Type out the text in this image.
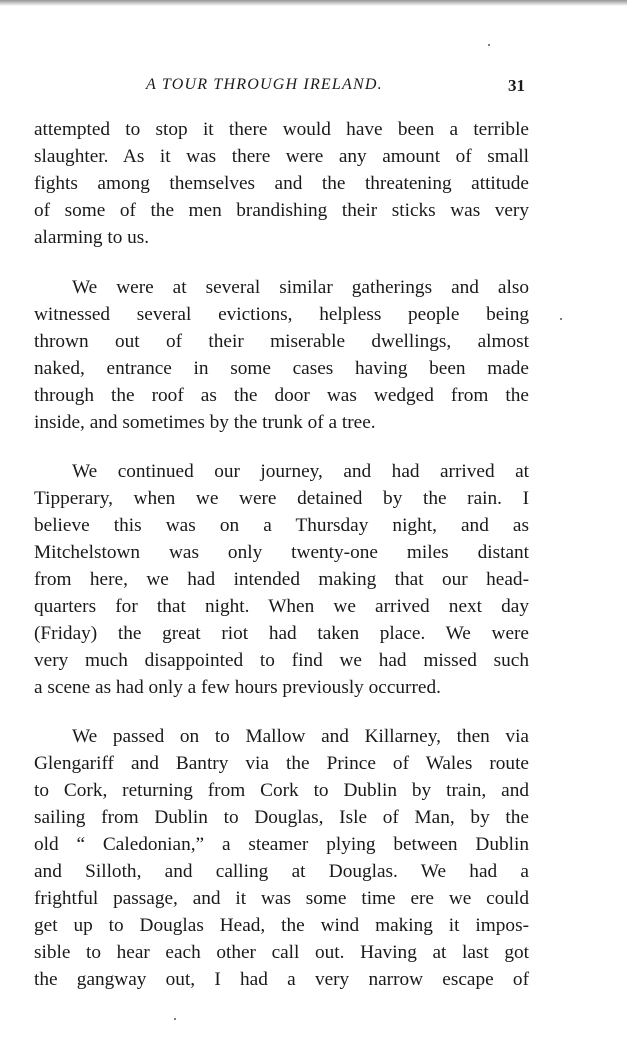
A TOUR THROUGH IRELAND.	31

attempted to stop it there would have been a terrible
slaughter. As it was there were any amount of small
fights among themselves and the threatening attitude
of some of the men brandishing their sticks was very
alarming to us.

We were at several similar gatherings and also
witnessed several evictions, helpless people being
thrown out of their miserable dwellings, almost
naked, entrance in some cases having been made
through the roof as the door was wedged from the
inside, and sometimes by the trunk of a tree.

We continued our journey, and had arrived at
Tipperary, when we were detained by the rain. I
believe this was on a Thursday night, and as
Mitchelstown was only twenty-one miles distant
from here, we had intended making that our head-
quarters for that night. When we arrived next day
(Friday) the great riot had taken place. We were
very much disappointed to find we had missed such
a scene as had only a few hours previously occurred.

We passed on to Mallow and Killarney, then via
Glengariff and Bantry via the Prince of Wales route
to Cork, returning from Cork to Dublin by train, and
sailing from Dublin to Douglas, Isle of Man, by the
old “ Caledonian,” a steamer plying between Dublin
and Silloth, and calling at Douglas. We had a
frightful passage, and it was some time ere we could
get up to Douglas Head, the wind making it impos-
sible to hear each other call out. Having at last got
the gangway out, I had a very narrow escape of
